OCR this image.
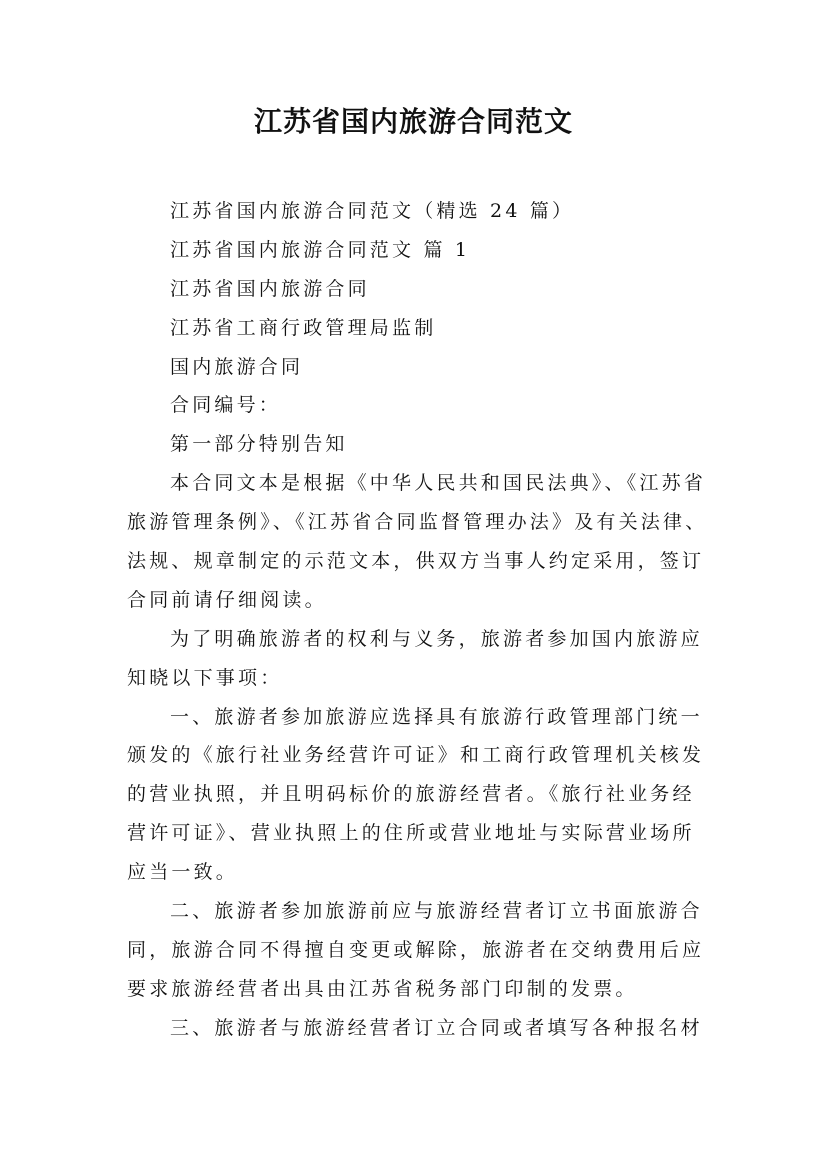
江苏省国内旅游合同范文
江苏省国内旅游合同范文（精选 24 篇）
江苏省国内旅游合同范文 篇 1
江苏省国内旅游合同
江苏省工商行政管理局监制
国内旅游合同
合同编号：
第一部分特别告知
本合同文本是根据《中华人民共和国民法典》、《江苏省
旅游管理条例》、《江苏省合同监督管理办法》及有关法律、
法规、规章制定的示范文本，供双方当事人约定采用，签订
合同前请仔细阅读。
为了明确旅游者的权利与义务，旅游者参加国内旅游应
知晓以下事项：
一、旅游者参加旅游应选择具有旅游行政管理部门统一
颁发的《旅行社业务经营许可证》和工商行政管理机关核发
的营业执照，并且明码标价的旅游经营者。《旅行社业务经
营许可证》、营业执照上的住所或营业地址与实际营业场所
应当一致。
二、旅游者参加旅游前应与旅游经营者订立书面旅游合
同，旅游合同不得擅自变更或解除，旅游者在交纳费用后应
要求旅游经营者出具由江苏省税务部门印制的发票。
三、旅游者与旅游经营者订立合同或者填写各种报名材
